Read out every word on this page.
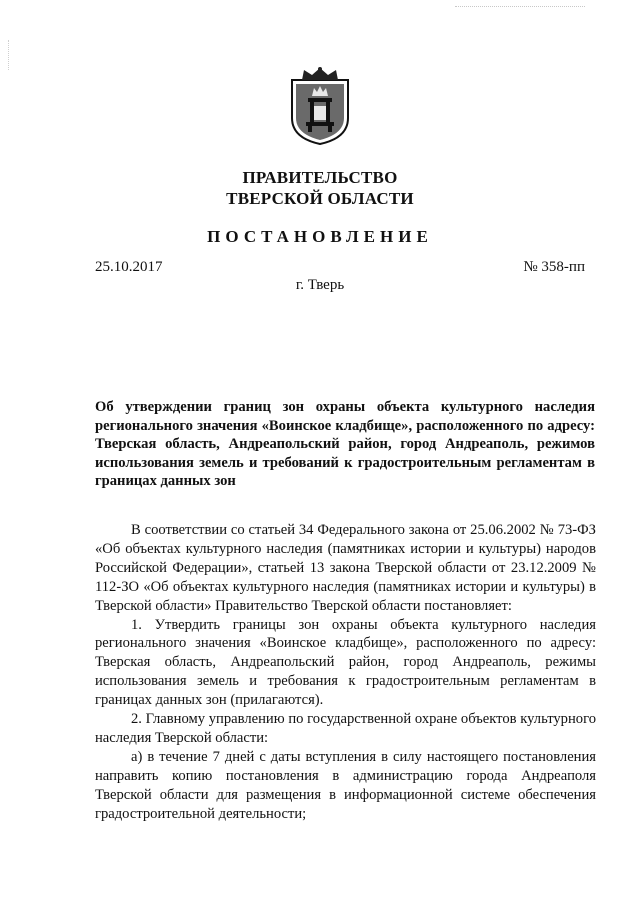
ПРАВИТЕЛЬСТВО
ТВЕРСКОЙ ОБЛАСТИ
ПОСТАНОВЛЕНИЕ
25.10.2017	№ 358-пп
г. Тверь
Об утверждении границ зон охраны объекта культурного наследия регионального значения «Воинское кладбище», расположенного по адресу: Тверская область, Андреапольский район, город Андреаполь, режимов использования земель и требований к градостроительным регламентам в границах данных зон

В соответствии со статьей 34 Федерального закона от 25.06.2002 № 73-ФЗ «Об объектах культурного наследия (памятниках истории и культуры) народов Российской Федерации», статьей 13 закона Тверской области от 23.12.2009 № 112-ЗО «Об объектах культурного наследия (памятниках истории и культуры) в Тверской области» Правительство Тверской области постановляет:

1. Утвердить границы зон охраны объекта культурного наследия регионального значения «Воинское кладбище», расположенного по адресу: Тверская область, Андреапольский район, город Андреаполь, режимы использования земель и требования к градостроительным регламентам в границах данных зон (прилагаются).

2. Главному управлению по государственной охране объектов культурного наследия Тверской области:

а) в течение 7 дней с даты вступления в силу настоящего постановления направить копию постановления в администрацию города Андреаполя Тверской области для размещения в информационной системе обеспечения градостроительной деятельности;
